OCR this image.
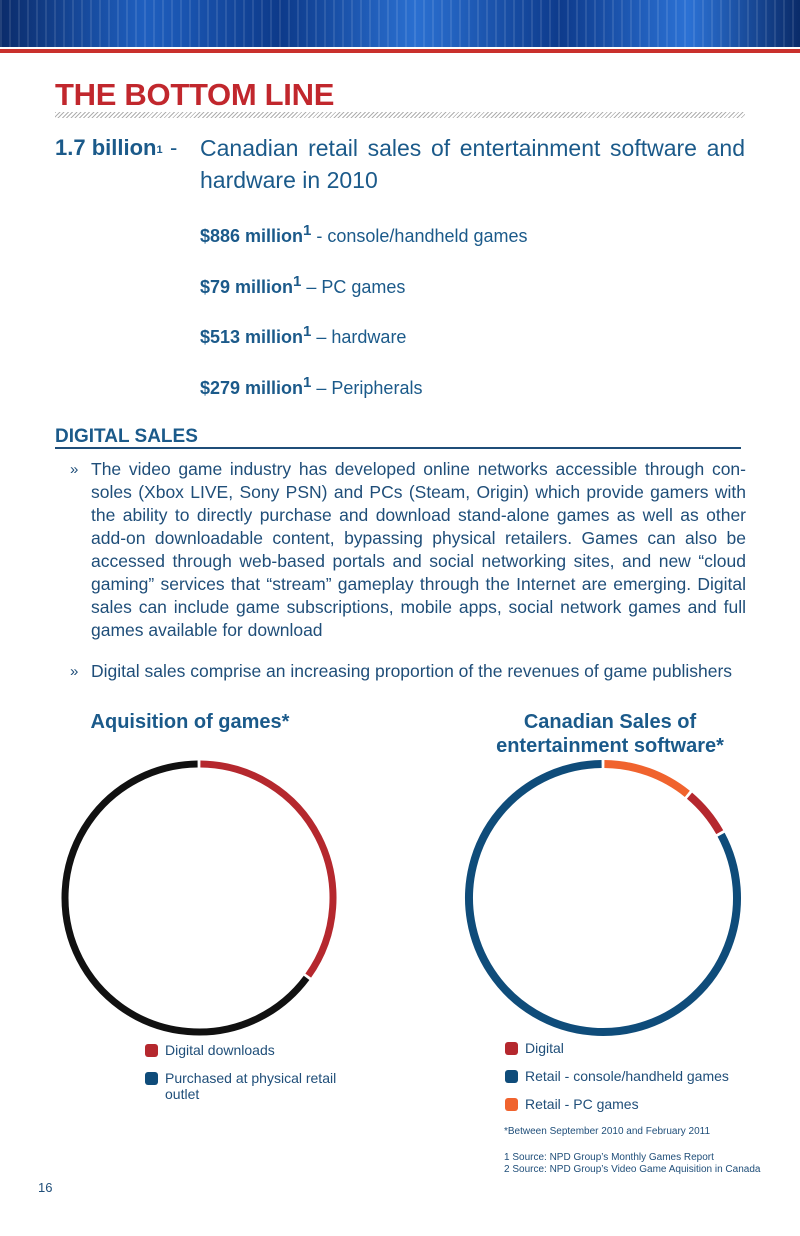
THE BOTTOM LINE
1.7 billion$^1$ - Canadian retail sales of entertainment software and hardware in 2010

$886 million$^1$ - console/handheld games
$79 million$^1$ – PC games
$513 million$^1$ – hardware
$279 million$^1$ – Peripherals
DIGITAL SALES

» The video game industry has developed online networks accessible through con-soles (Xbox LIVE, Sony PSN) and PCs (Steam, Origin) which provide gamers with the ability to directly purchase and download stand-alone games as well as other add-on downloadable content, bypassing physical retailers. Games can also be accessed through web-based portals and social networking sites, and new “cloud gaming” services that “stream” gameplay through the Internet are emerging. Digital sales can include game subscriptions, mobile apps, social network games and full games available for download

» Digital sales comprise an increasing proportion of the revenues of game publishers

Aquisition of games*
Digital downloads
Purchased at physical retail outlet
Canadian Sales of entertainment software*
Digital
Retail - console/handheld games
Retail - PC games
*Between September 2010 and February 2011
1 Source: NPD Group’s Monthly Games Report
2 Source: NPD Group’s Video Game Aquisition in Canada
16
